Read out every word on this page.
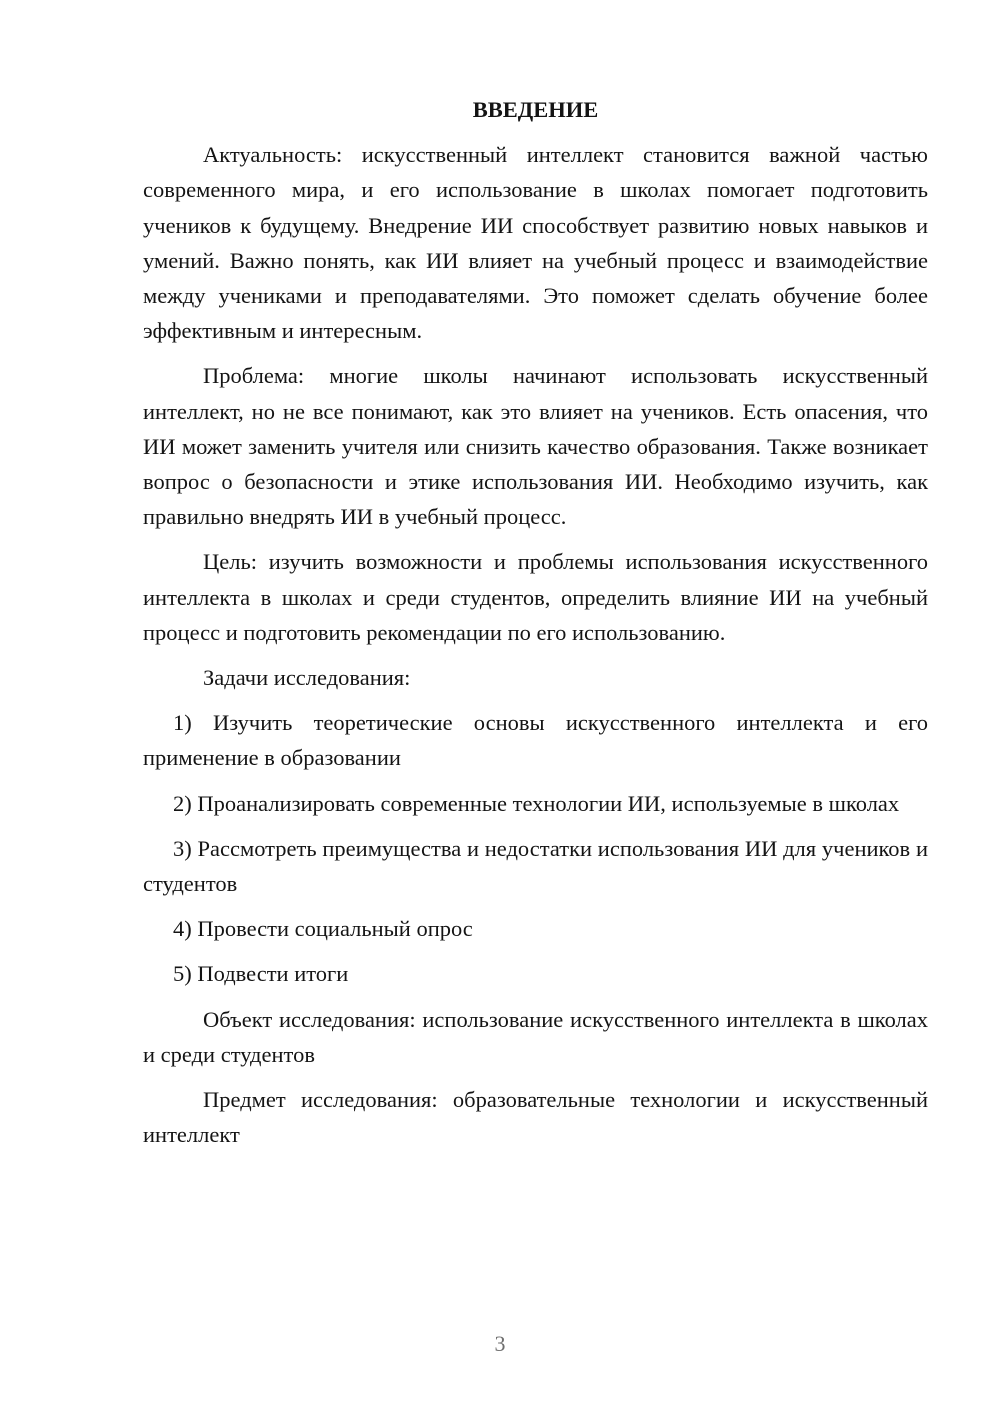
ВВЕДЕНИЕ

Актуальность: искусственный интеллект становится важной частью современного мира, и его использование в школах помогает подготовить учеников к будущему. Внедрение ИИ способствует развитию новых навыков и умений. Важно понять, как ИИ влияет на учебный процесс и взаимодействие между учениками и преподавателями. Это поможет сделать обучение более эффективным и интересным.

Проблема: многие школы начинают использовать искусственный интеллект, но не все понимают, как это влияет на учеников. Есть опасения, что ИИ может заменить учителя или снизить качество образования. Также возникает вопрос о безопасности и этике использования ИИ. Необходимо изучить, как правильно внедрять ИИ в учебный процесс.

Цель: изучить возможности и проблемы использования искусственного интеллекта в школах и среди студентов, определить влияние ИИ на учебный процесс и подготовить рекомендации по его использованию.

Задачи исследования:

1) Изучить теоретические основы искусственного интеллекта и его применение в образовании

2) Проанализировать современные технологии ИИ, используемые в школах

3) Рассмотреть преимущества и недостатки использования ИИ для учеников и студентов

4) Провести социальный опрос

5) Подвести итоги

Объект исследования: использование искусственного интеллекта в школах и среди студентов

Предмет исследования: образовательные технологии и искусственный интеллект

3
